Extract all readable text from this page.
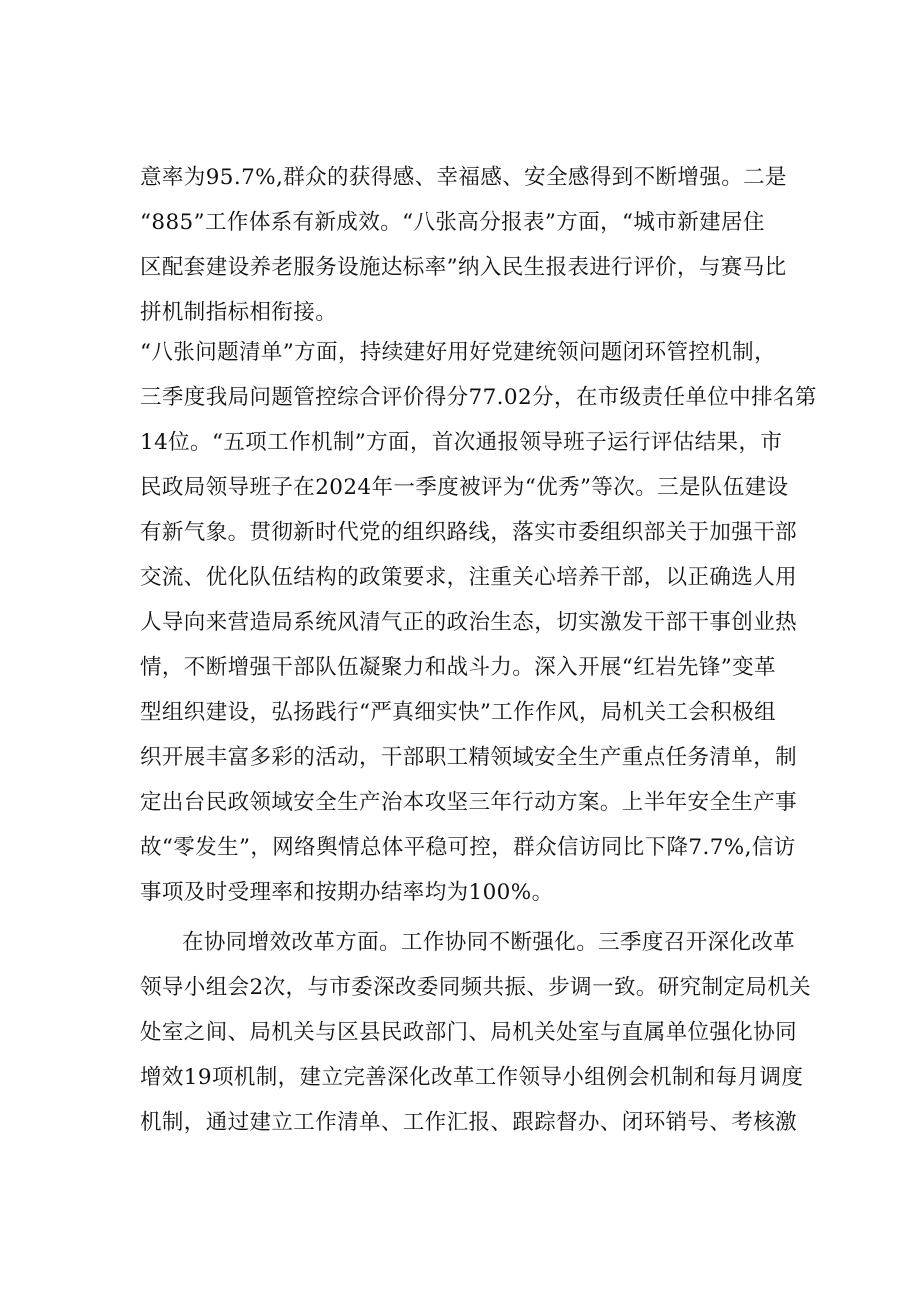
意率为95.7%,群众的获得感、幸福感、安全感得到不断增强。二是
“885”工作体系有新成效。“八张高分报表”方面，“城市新建居住
区配套建设养老服务设施达标率”纳入民生报表进行评价，与赛马比
拼机制指标相衔接。
“八张问题清单”方面，持续建好用好党建统领问题闭环管控机制，
三季度我局问题管控综合评价得分77.02分，在市级责任单位中排名第
14位。“五项工作机制”方面，首次通报领导班子运行评估结果，市
民政局领导班子在2024年一季度被评为“优秀”等次。三是队伍建设
有新气象。贯彻新时代党的组织路线，落实市委组织部关于加强干部
交流、优化队伍结构的政策要求，注重关心培养干部，以正确选人用
人导向来营造局系统风清气正的政治生态，切实激发干部干事创业热
情，不断增强干部队伍凝聚力和战斗力。深入开展“红岩先锋”变革
型组织建设，弘扬践行“严真细实快”工作作风，局机关工会积极组
织开展丰富多彩的活动，干部职工精领域安全生产重点任务清单，制
定出台民政领域安全生产治本攻坚三年行动方案。上半年安全生产事
故“零发生”，网络舆情总体平稳可控，群众信访同比下降7.7%,信访
事项及时受理率和按期办结率均为100%。
在协同增效改革方面。工作协同不断强化。三季度召开深化改革
领导小组会2次，与市委深改委同频共振、步调一致。研究制定局机关
处室之间、局机关与区县民政部门、局机关处室与直属单位强化协同
增效19项机制，建立完善深化改革工作领导小组例会机制和每月调度
机制，通过建立工作清单、工作汇报、跟踪督办、闭环销号、考核激
